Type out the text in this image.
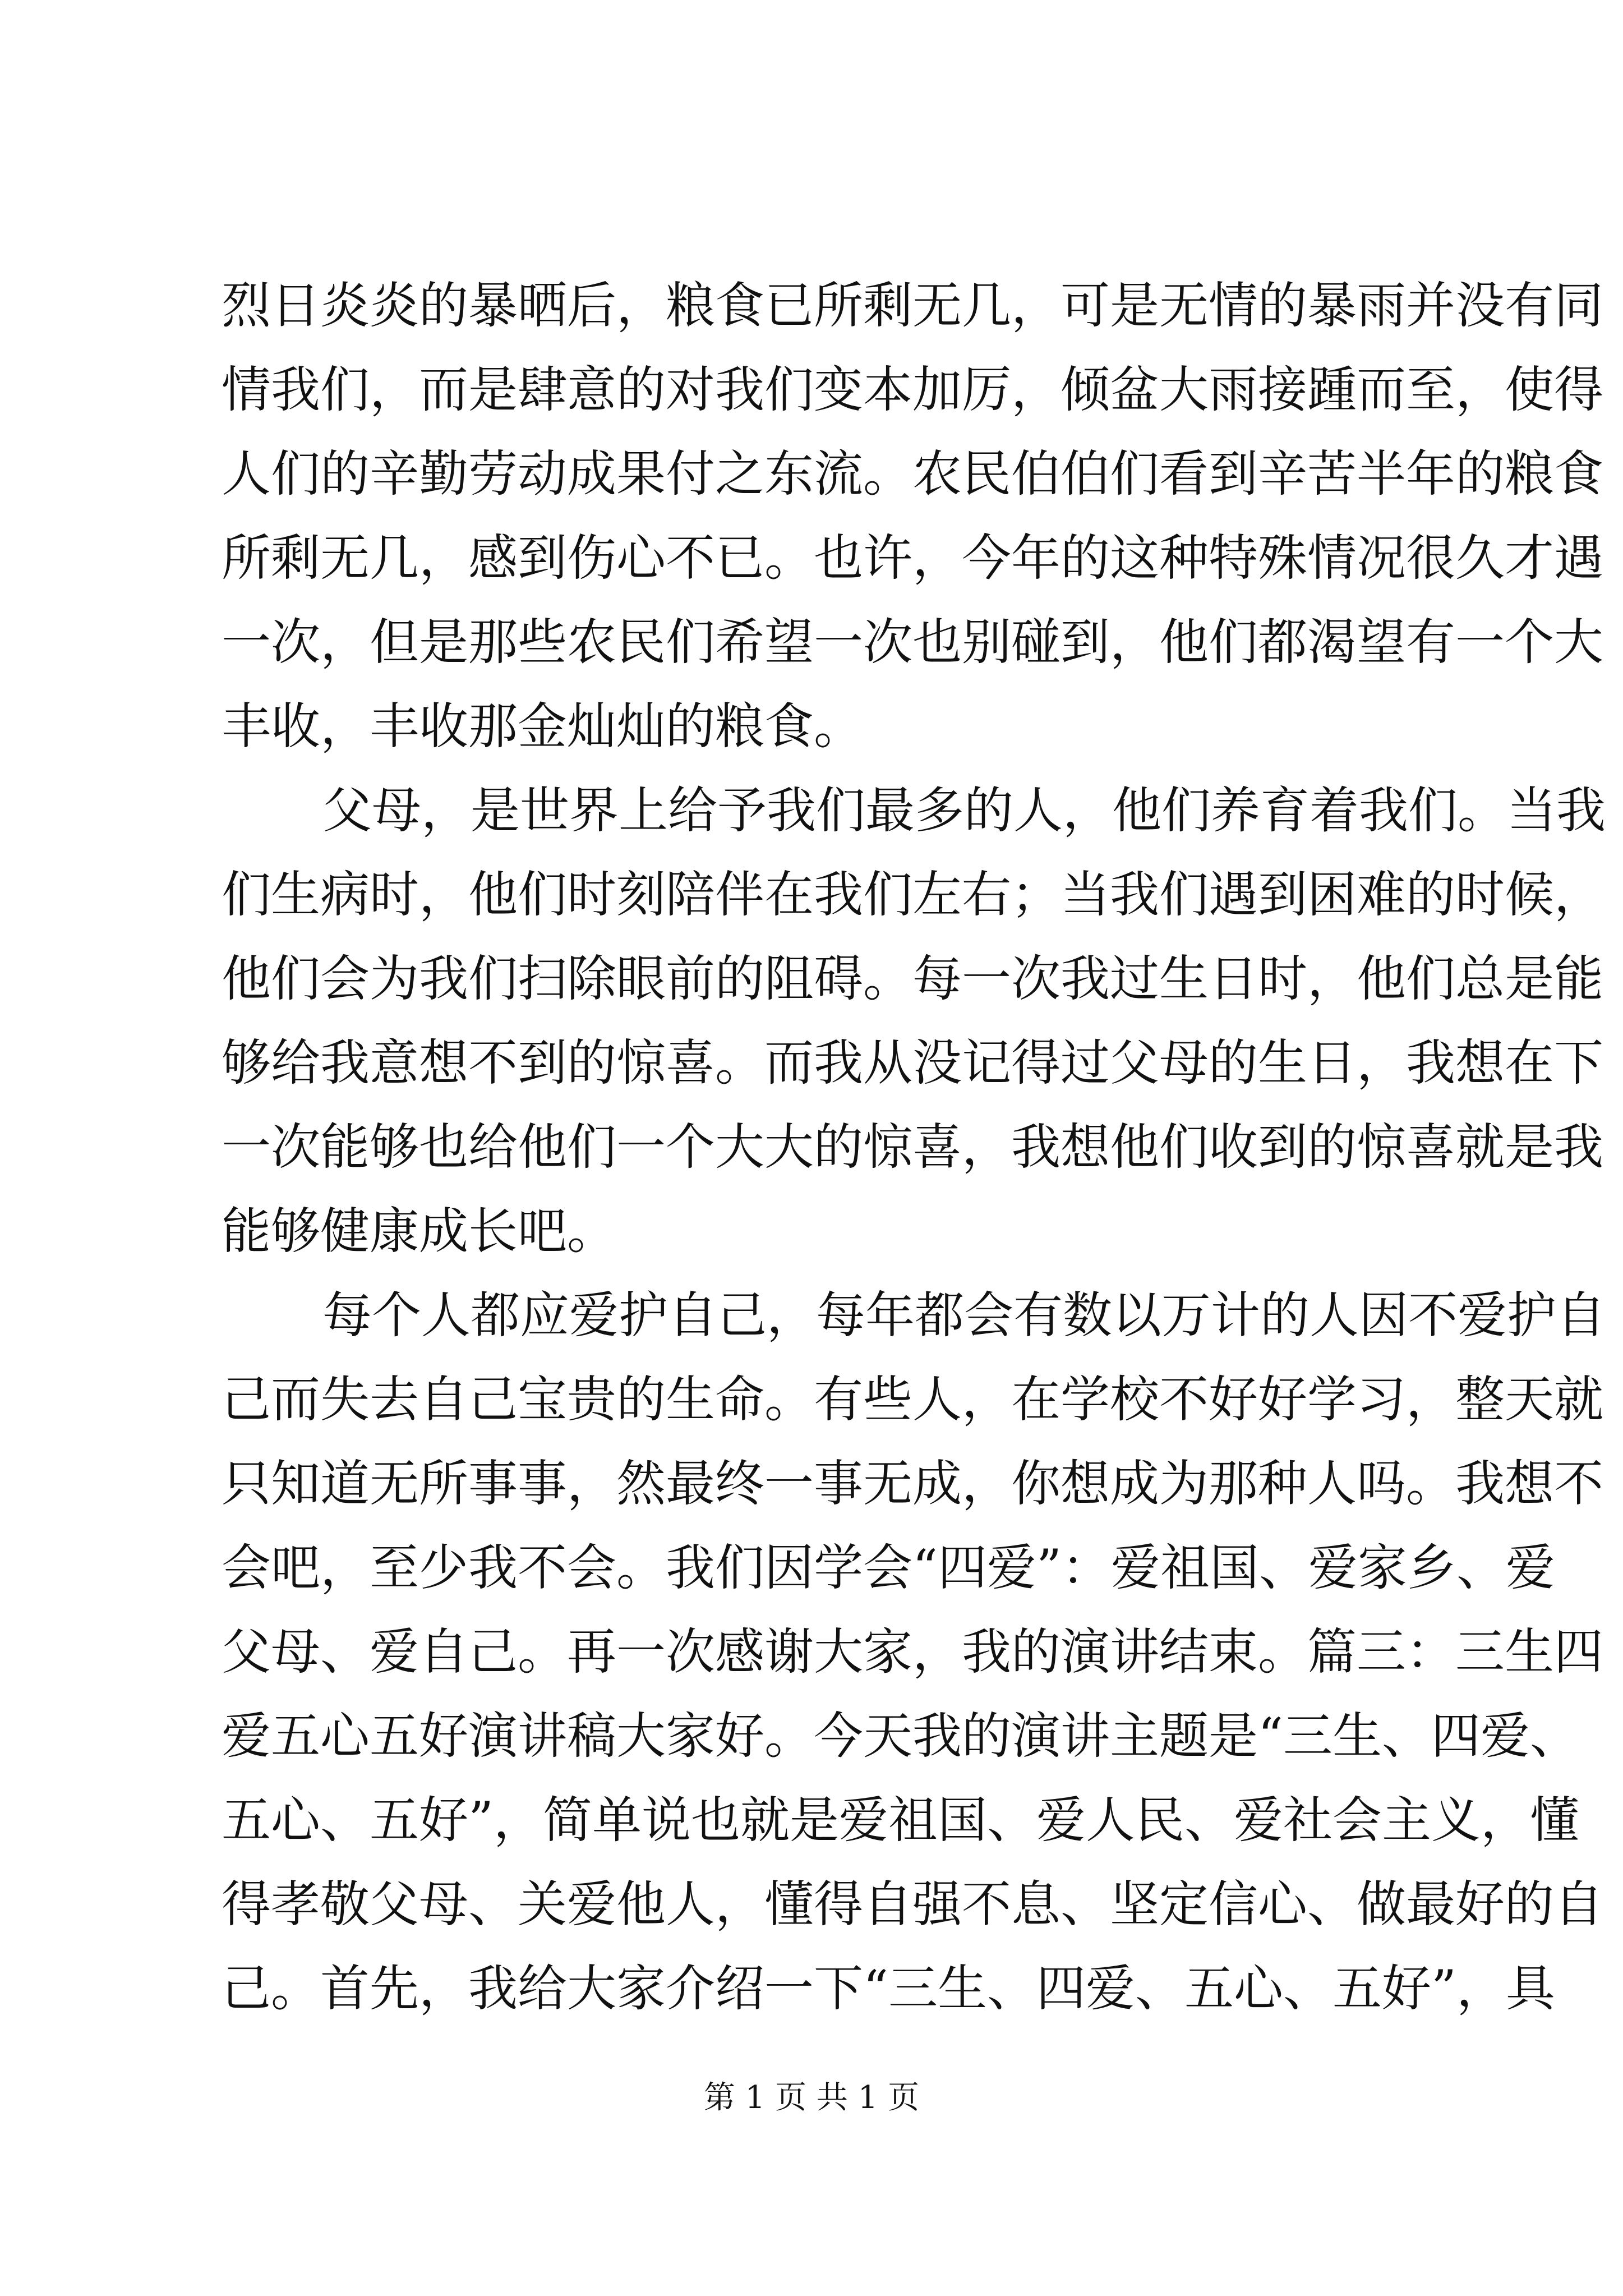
烈日炎炎的暴晒后，粮食已所剩无几，可是无情的暴雨并没有同
情我们，而是肆意的对我们变本加厉，倾盆大雨接踵而至，使得
人们的辛勤劳动成果付之东流。农民伯伯们看到辛苦半年的粮食
所剩无几，感到伤心不已。也许，今年的这种特殊情况很久才遇
一次，但是那些农民们希望一次也别碰到，他们都渴望有一个大
丰收，丰收那金灿灿的粮食。
父母，是世界上给予我们最多的人，他们养育着我们。当我
们生病时，他们时刻陪伴在我们左右；当我们遇到困难的时候，
他们会为我们扫除眼前的阻碍。每一次我过生日时，他们总是能
够给我意想不到的惊喜。而我从没记得过父母的生日，我想在下
一次能够也给他们一个大大的惊喜，我想他们收到的惊喜就是我
能够健康成长吧。
每个人都应爱护自己，每年都会有数以万计的人因不爱护自
己而失去自己宝贵的生命。有些人，在学校不好好学习，整天就
只知道无所事事，然最终一事无成，你想成为那种人吗。我想不
会吧，至少我不会。我们因学会“四爱”：爱祖国、爱家乡、爱
父母、爱自己。再一次感谢大家，我的演讲结束。篇三：三生四
爱五心五好演讲稿大家好。今天我的演讲主题是“三生、四爱、
五心、五好”，简单说也就是爱祖国、爱人民、爱社会主义，懂
得孝敬父母、关爱他人，懂得自强不息、坚定信心、做最好的自
己。首先，我给大家介绍一下“三生、四爱、五心、五好”，具
第 1 页 共 1 页
